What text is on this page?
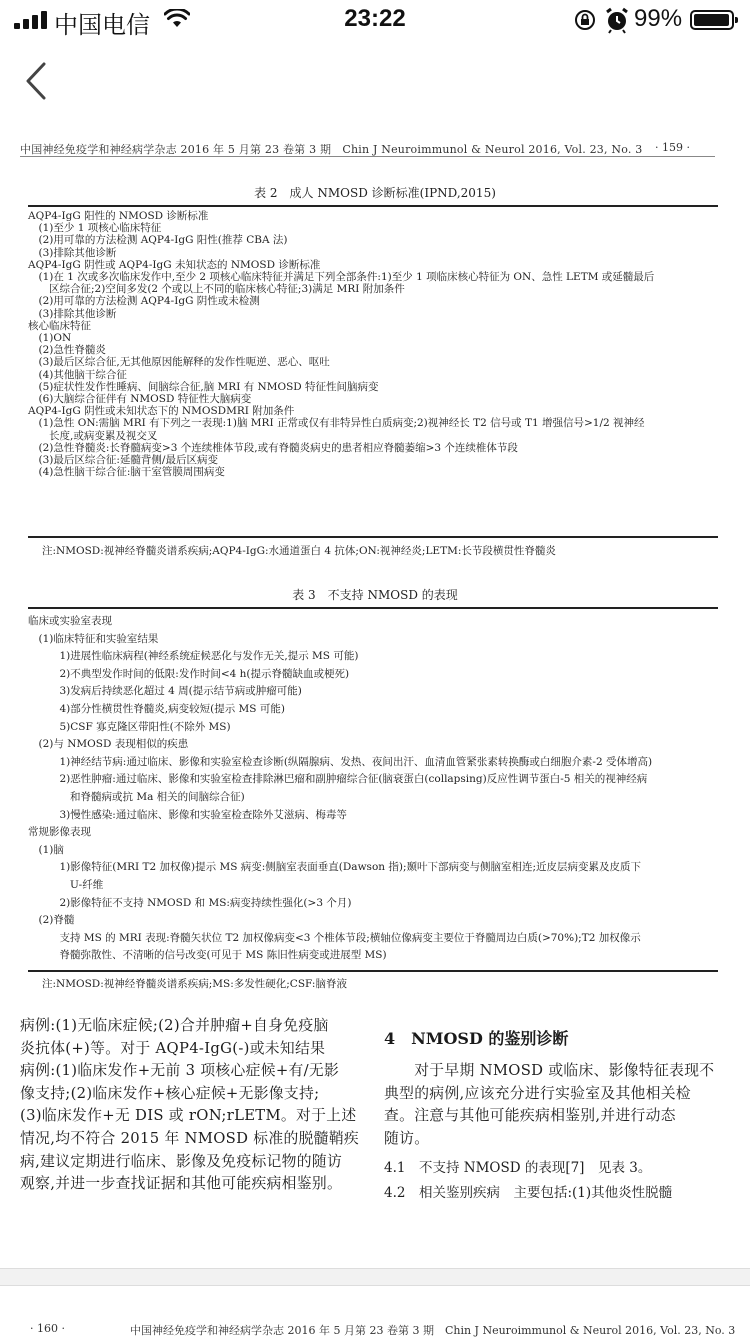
中国电信	23:22	99%
中国神经免疫学和神经病学杂志 2016 年 5 月第 23 卷第 3 期　Chin J Neuroimmunol & Neurol 2016, Vol. 23, No. 3 · 159 ·
表 2　成人 NMOSD 诊断标准(IPND,2015)
AQP4-IgG 阳性的 NMOSD 诊断标准
　(1)至少 1 项核心临床特征
　(2)用可靠的方法检测 AQP4-IgG 阳性(推荐 CBA 法)
　(3)排除其他诊断
AQP4-IgG 阴性或 AQP4-IgG 未知状态的 NMOSD 诊断标准
　(1)在 1 次或多次临床发作中,至少 2 项核心临床特征并满足下列全部条件:1)至少 1 项临床核心特征为 ON、急性 LETM 或延髓最后
　　区综合征;2)空间多发(2 个或以上不同的临床核心特征;3)满足 MRI 附加条件
　(2)用可靠的方法检测 AQP4-IgG 阴性或未检测
　(3)排除其他诊断
核心临床特征
　(1)ON
　(2)急性脊髓炎
　(3)最后区综合征,无其他原因能解释的发作性呃逆、恶心、呕吐
　(4)其他脑干综合征
　(5)症状性发作性睡病、间脑综合征,脑 MRI 有 NMOSD 特征性间脑病变
　(6)大脑综合征伴有 NMOSD 特征性大脑病变
AQP4-IgG 阴性或未知状态下的 NMOSDMRI 附加条件
　(1)急性 ON:需脑 MRI 有下列之一表现:1)脑 MRI 正常或仅有非特异性白质病变;2)视神经长 T2 信号或 T1 增强信号>1/2 视神经
　　长度,或病变累及视交叉
　(2)急性脊髓炎:长脊髓病变>3 个连续椎体节段,或有脊髓炎病史的患者相应脊髓萎缩>3 个连续椎体节段
　(3)最后区综合征:延髓背侧/最后区病变
　(4)急性脑干综合征:脑干室管膜周围病变
注:NMOSD:视神经脊髓炎谱系疾病;AQP4-IgG:水通道蛋白 4 抗体;ON:视神经炎;LETM:长节段横贯性脊髓炎
表 3　不支持 NMOSD 的表现
临床或实验室表现
　(1)临床特征和实验室结果
　　　1)进展性临床病程(神经系统症候恶化与发作无关,提示 MS 可能)
　　　2)不典型发作时间的低限:发作时间<4 h(提示脊髓缺血或梗死)
　　　3)发病后持续恶化超过 4 周(提示结节病或肿瘤可能)
　　　4)部分性横贯性脊髓炎,病变较短(提示 MS 可能)
　　　5)CSF 寡克隆区带阳性(不除外 MS)
　(2)与 NMOSD 表现相似的疾患
　　　1)神经结节病:通过临床、影像和实验室检查诊断(纵隔腺病、发热、夜间出汗、血清血管紧张素转换酶或白细胞介素-2 受体增高)
　　　2)恶性肿瘤:通过临床、影像和实验室检查排除淋巴瘤和副肿瘤综合征(脑衰蛋白(collapsing)反应性调节蛋白-5 相关的视神经病
　　　　和脊髓病或抗 Ma 相关的间脑综合征)
　　　3)慢性感染:通过临床、影像和实验室检查除外艾滋病、梅毒等
常规影像表现
　(1)脑
　　　1)影像特征(MRI T2 加权像)提示 MS 病变:侧脑室表面垂直(Dawson 指);颞叶下部病变与侧脑室相连;近皮层病变累及皮质下
　　　　U-纤维
　　　2)影像特征不支持 NMOSD 和 MS:病变持续性强化(>3 个月)
　(2)脊髓
　　　支持 MS 的 MRI 表现:脊髓矢状位 T2 加权像病变<3 个椎体节段;横轴位像病变主要位于脊髓周边白质(>70%);T2 加权像示
　　　脊髓弥散性、不清晰的信号改变(可见于 MS 陈旧性病变或进展型 MS)
注:NMOSD:视神经脊髓炎谱系疾病;MS:多发性硬化;CSF:脑脊液
病例:(1)无临床症候;(2)合并肿瘤+自身免疫脑
炎抗体(+)等。对于 AQP4-IgG(-)或未知结果
病例:(1)临床发作+无前 3 项核心症候+有/无影
像支持;(2)临床发作+核心症候+无影像支持;
(3)临床发作+无 DIS 或 rON;rLETM。对于上述
情况,均不符合 2015 年 NMOSD 标准的脱髓鞘疾
病,建议定期进行临床、影像及免疫标记物的随访
观察,并进一步查找证据和其他可能疾病相鉴别。
4　NMOSD 的鉴别诊断
　　对于早期 NMOSD 或临床、影像特征表现不
典型的病例,应该充分进行实验室及其他相关检
查。注意与其他可能疾病相鉴别,并进行动态
随访。
4.1　不支持 NMOSD 的表现[7]　见表 3。
4.2　相关鉴别疾病　主要包括:(1)其他炎性脱髓
· 160 ·	中国神经免疫学和神经病学杂志 2016 年 5 月第 23 卷第 3 期　Chin J Neuroimmunol & Neurol 2016, Vol. 23, No. 3
